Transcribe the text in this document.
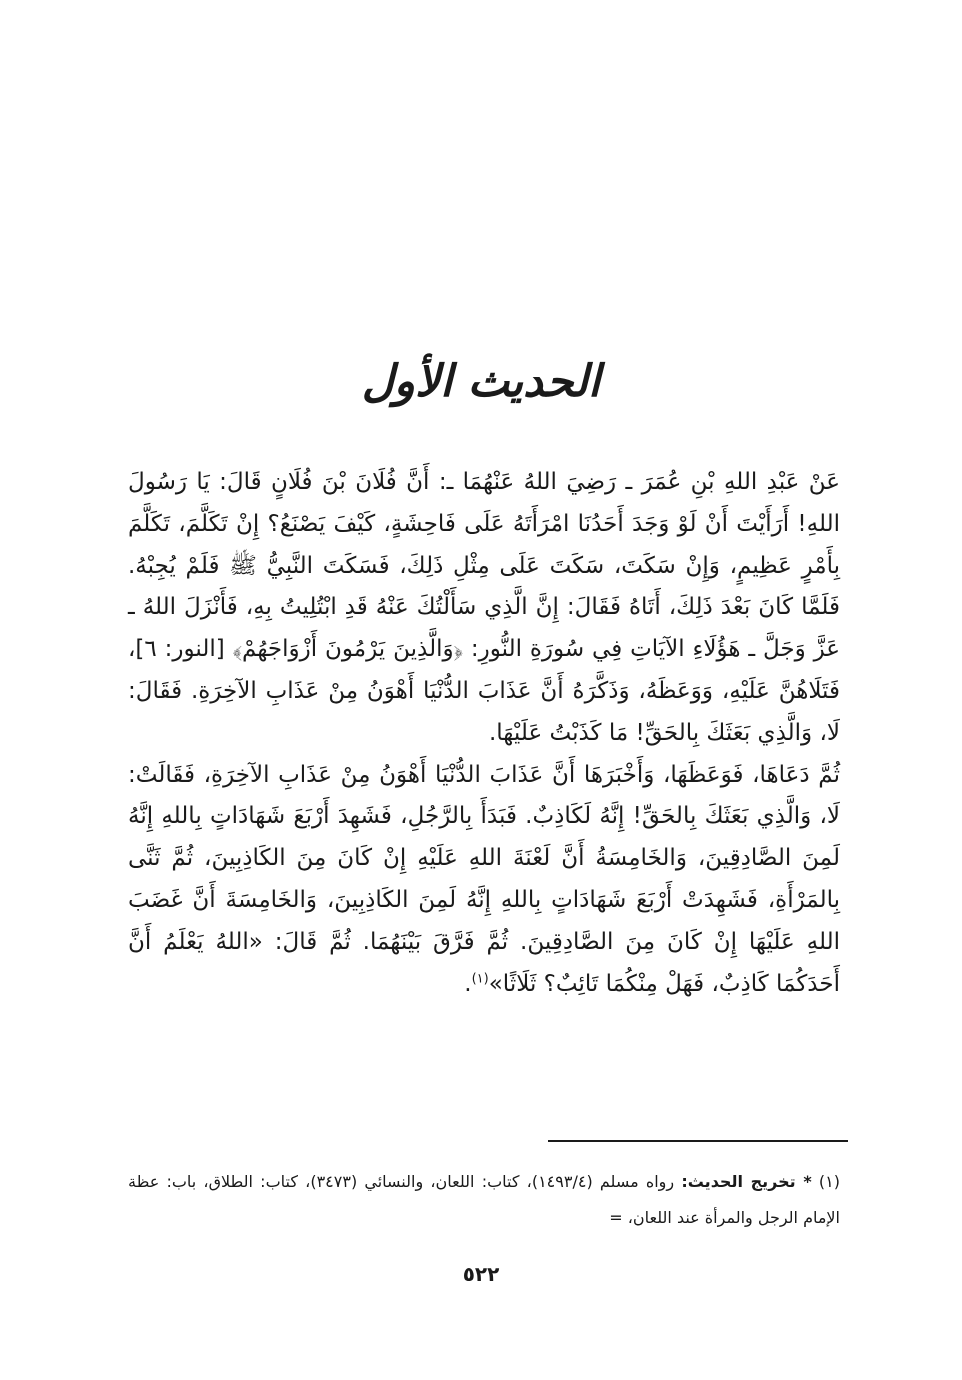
الحديث الأول

عَنْ عَبْدِ اللهِ بْنِ عُمَرَ ـ رَضِيَ اللهُ عَنْهُمَا ـ: أَنَّ فُلَانَ بْنَ فُلَانٍ قَالَ: يَا رَسُولَ اللهِ! أَرَأَيْتَ أَنْ لَوْ وَجَدَ أَحَدُنَا امْرَأَتَهُ عَلَى فَاحِشَةٍ، كَيْفَ يَصْنَعُ؟ إِنْ تَكَلَّمَ، تَكَلَّمَ بِأَمْرٍ عَظِيمٍ، وَإِنْ سَكَتَ، سَكَتَ عَلَى مِثْلِ ذَلِكَ، فَسَكَتَ النَّبِيُّ ﷺ فَلَمْ يُجِبْهُ. فَلَمَّا كَانَ بَعْدَ ذَلِكَ، أَتَاهُ فَقَالَ: إِنَّ الَّذِي سَأَلْتُكَ عَنْهُ قَدِ ابْتُلِيتُ بِهِ، فَأَنْزَلَ اللهُ ـ عَزَّ وَجَلَّ ـ هَؤُلَاءِ الآيَاتِ فِي سُورَةِ النُّورِ: ﴿وَالَّذِينَ يَرْمُونَ أَزْوَاجَهُمْ﴾ [النور: ٦]، فَتَلَاهُنَّ عَلَيْهِ، وَوَعَظَهُ، وَذَكَّرَهُ أَنَّ عَذَابَ الدُّنْيَا أَهْوَنُ مِنْ عَذَابِ الآخِرَةِ. فَقَالَ: لَا، وَالَّذِي بَعَثَكَ بِالحَقِّ! مَا كَذَبْتُ عَلَيْهَا.

ثُمَّ دَعَاهَا، فَوَعَظَهَا، وَأَخْبَرَهَا أَنَّ عَذَابَ الدُّنْيَا أَهْوَنُ مِنْ عَذَابِ الآخِرَةِ، فَقَالَتْ: لَا، وَالَّذِي بَعَثَكَ بِالحَقِّ! إِنَّهُ لَكَاذِبٌ. فَبَدَأَ بِالرَّجُلِ، فَشَهِدَ أَرْبَعَ شَهَادَاتٍ بِاللهِ إِنَّهُ لَمِنَ الصَّادِقِينَ، وَالخَامِسَةُ أَنَّ لَعْنَةَ اللهِ عَلَيْهِ إِنْ كَانَ مِنَ الكَاذِبِينَ، ثُمَّ ثَنَّى بِالمَرْأَةِ، فَشَهِدَتْ أَرْبَعَ شَهَادَاتٍ بِاللهِ إِنَّهُ لَمِنَ الكَاذِبِينَ، وَالخَامِسَةَ أَنَّ غَضَبَ اللهِ عَلَيْهَا إِنْ كَانَ مِنَ الصَّادِقِينَ. ثُمَّ فَرَّقَ بَيْنَهُمَا. ثُمَّ قَالَ: «اللهُ يَعْلَمُ أَنَّ أَحَدَكُمَا كَاذِبٌ، فَهَلْ مِنْكُمَا تَائِبٌ؟ ثَلَاثًا»$^{(١)}$.

(١) * تخريج الحديث: رواه مسلم (١٤٩٣/٤)، كتاب: اللعان، والنسائي (٣٤٧٣)، كتاب: الطلاق، باب: عظة الإمام الرجل والمرأة عند اللعان، =
٥٢٢
